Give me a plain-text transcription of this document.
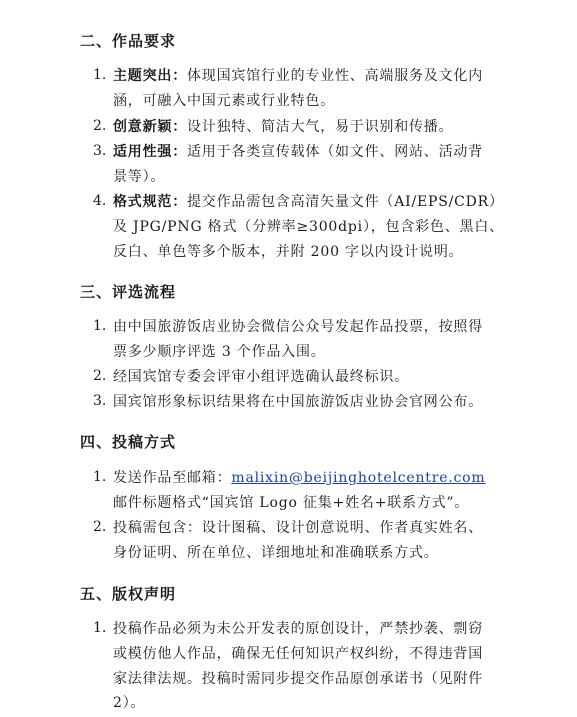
二、作品要求
1. 主题突出：体现国宾馆行业的专业性、高端服务及文化内
涵，可融入中国元素或行业特色。
2. 创意新颖：设计独特、简洁大气，易于识别和传播。
3. 适用性强：适用于各类宣传载体（如文件、网站、活动背
景等）。
4. 格式规范：提交作品需包含高清矢量文件（AI/EPS/CDR）
及 JPG/PNG 格式（分辨率≥300dpi），包含彩色、黑白、
反白、单色等多个版本，并附 200 字以内设计说明。
三、评选流程
1. 由中国旅游饭店业协会微信公众号发起作品投票，按照得
票多少顺序评选 3 个作品入围。
2. 经国宾馆专委会评审小组评选确认最终标识。
3. 国宾馆形象标识结果将在中国旅游饭店业协会官网公布。
四、投稿方式
1. 发送作品至邮箱：malixin@beijinghotelcentre.com
邮件标题格式“国宾馆 Logo 征集+姓名+联系方式”。
2. 投稿需包含：设计图稿、设计创意说明、作者真实姓名、
身份证明、所在单位、详细地址和准确联系方式。
五、版权声明
1. 投稿作品必须为未公开发表的原创设计，严禁抄袭、剽窃
或模仿他人作品，确保无任何知识产权纠纷，不得违背国
家法律法规。投稿时需同步提交作品原创承诺书（见附件
2）。
